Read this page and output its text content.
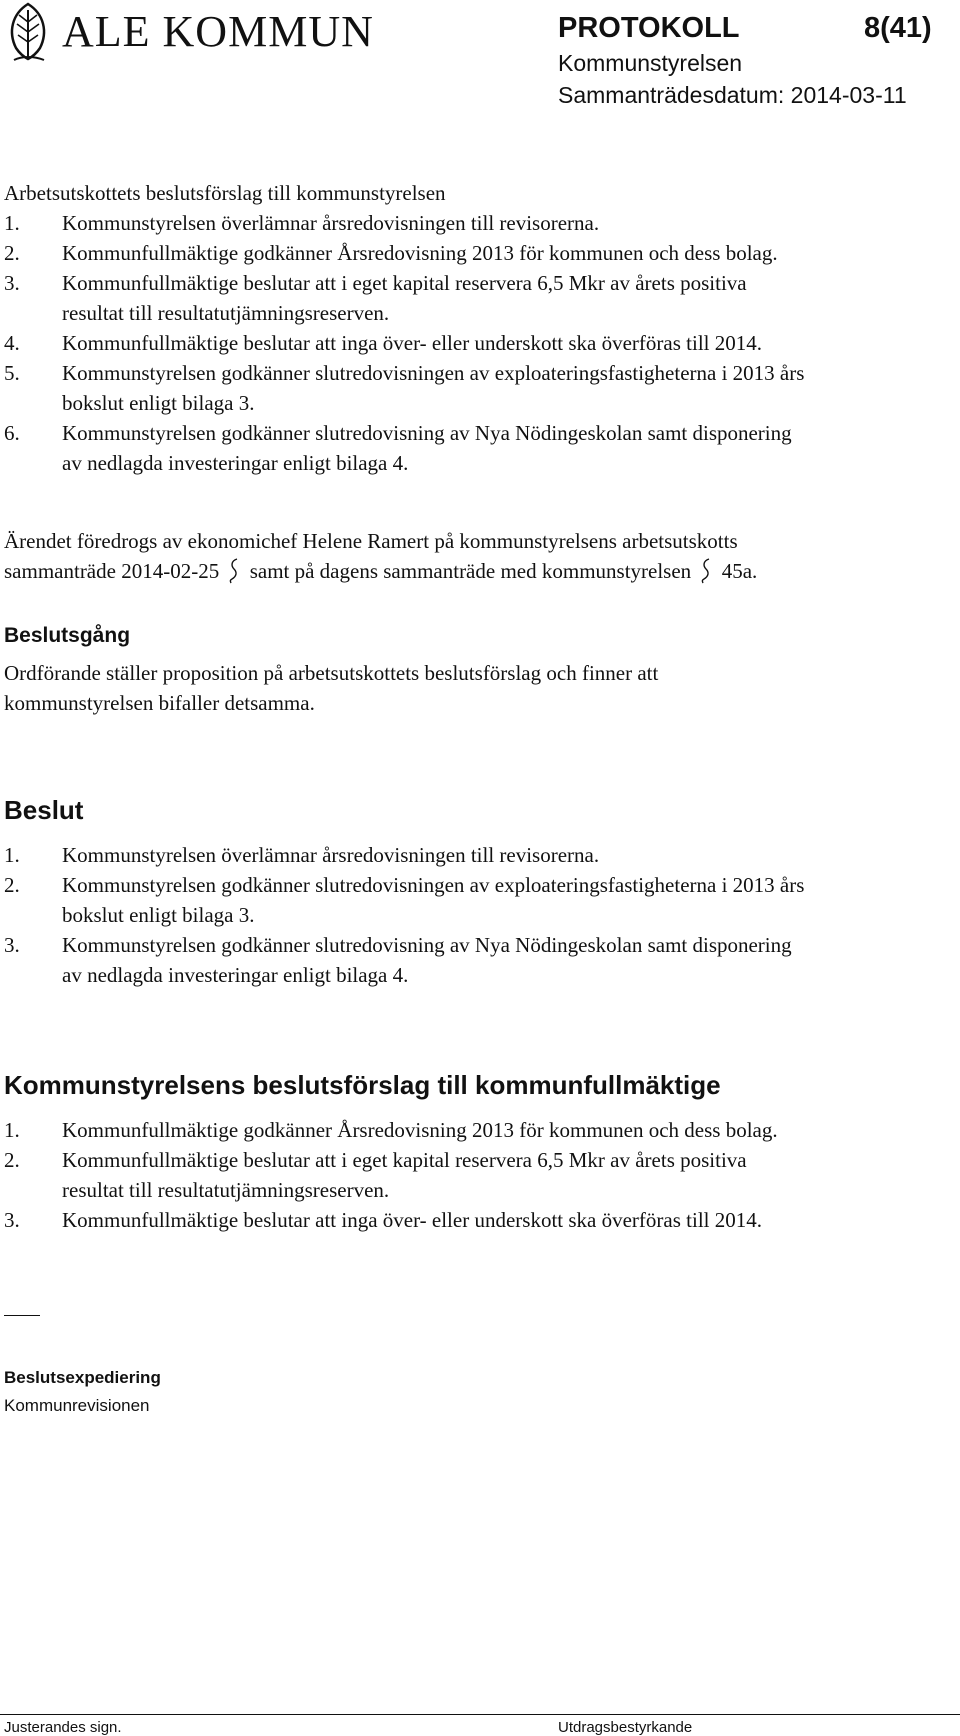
ALE KOMMUN	PROTOKOLL	8(41)
Kommunstyrelsen
Sammanträdesdatum: 2014-03-11
Arbetsutskottets beslutsförslag till kommunstyrelsen
1. Kommunstyrelsen överlämnar årsredovisningen till revisorerna.
2. Kommunfullmäktige godkänner Årsredovisning 2013 för kommunen och dess bolag.
3. Kommunfullmäktige beslutar att i eget kapital reservera 6,5 Mkr av årets positiva
resultat till resultatutjämningsreserven.
4. Kommunfullmäktige beslutar att inga över- eller underskott ska överföras till 2014.
5. Kommunstyrelsen godkänner slutredovisningen av exploateringsfastigheterna i 2013 års
bokslut enligt bilaga 3.
6. Kommunstyrelsen godkänner slutredovisning av Nya Nödingeskolan samt disponering
av nedlagda investeringar enligt bilaga 4.
Ärendet föredrogs av ekonomichef Helene Ramert på kommunstyrelsens arbetsutskotts
sammanträde 2014-02-25 samt på dagens sammanträde med kommunstyrelsen 45a.
Beslutsgång
Ordförande ställer proposition på arbetsutskottets beslutsförslag och finner att
kommunstyrelsen bifaller detsamma.
Beslut
1. Kommunstyrelsen överlämnar årsredovisningen till revisorerna.
2. Kommunstyrelsen godkänner slutredovisningen av exploateringsfastigheterna i 2013 års
bokslut enligt bilaga 3.
3. Kommunstyrelsen godkänner slutredovisning av Nya Nödingeskolan samt disponering
av nedlagda investeringar enligt bilaga 4.
Kommunstyrelsens beslutsförslag till kommunfullmäktige
1. Kommunfullmäktige godkänner Årsredovisning 2013 för kommunen och dess bolag.
2. Kommunfullmäktige beslutar att i eget kapital reservera 6,5 Mkr av årets positiva
resultat till resultatutjämningsreserven.
3. Kommunfullmäktige beslutar att inga över- eller underskott ska överföras till 2014.
Beslutsexpediering
Kommunrevisionen
Justerandes sign.	Utdragsbestyrkande
